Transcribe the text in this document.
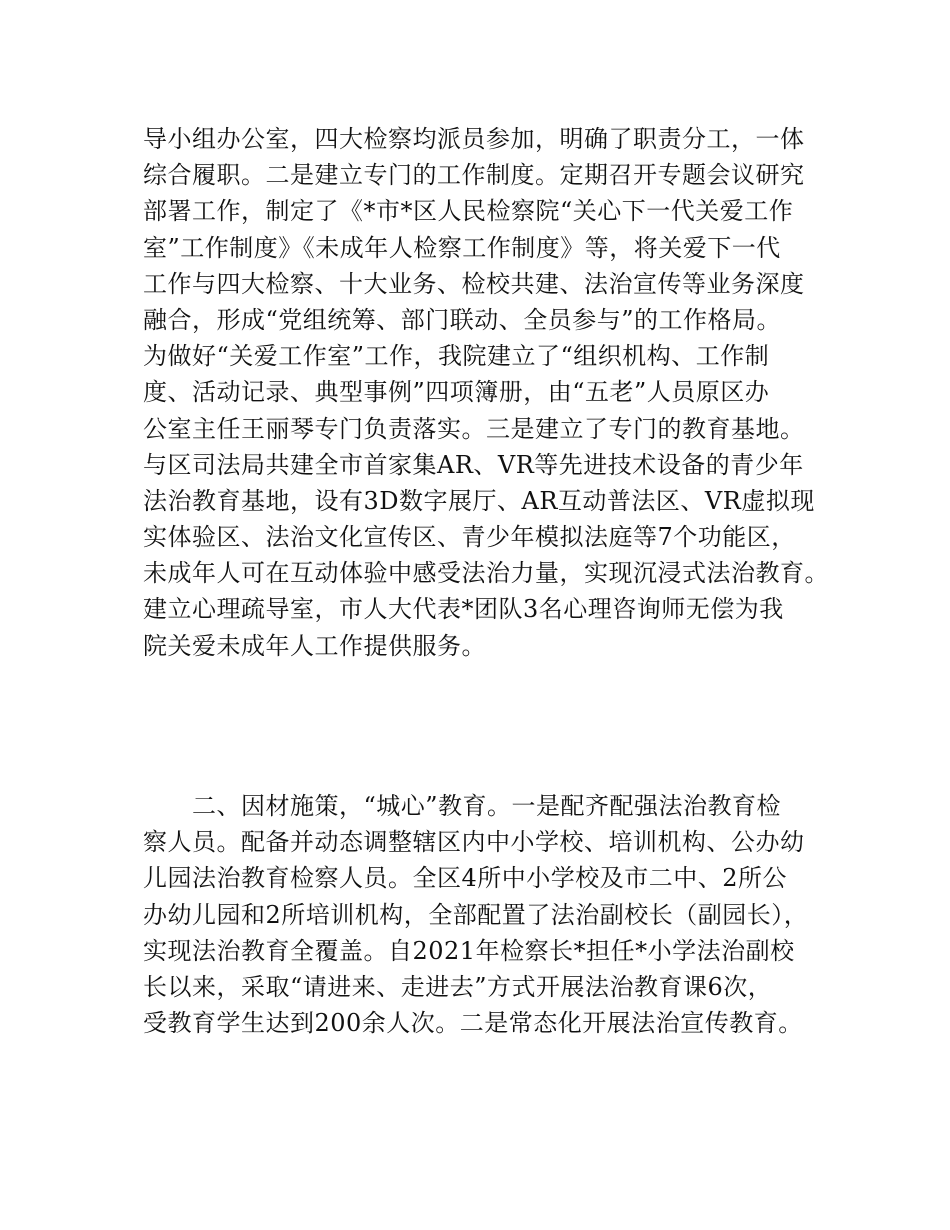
导小组办公室，四大检察均派员参加，明确了职责分工，一体
综合履职。二是建立专门的工作制度。定期召开专题会议研究
部署工作，制定了《*市*区人民检察院“关心下一代关爱工作
室”工作制度》《未成年人检察工作制度》等，将关爱下一代
工作与四大检察、十大业务、检校共建、法治宣传等业务深度
融合，形成“党组统筹、部门联动、全员参与”的工作格局。
为做好“关爱工作室”工作，我院建立了“组织机构、工作制
度、活动记录、典型事例”四项簿册，由“五老”人员原区办
公室主任王丽琴专门负责落实。三是建立了专门的教育基地。
与区司法局共建全市首家集AR、VR等先进技术设备的青少年
法治教育基地，设有3D数字展厅、AR互动普法区、VR虚拟现
实体验区、法治文化宣传区、青少年模拟法庭等7个功能区，
未成年人可在互动体验中感受法治力量，实现沉浸式法治教育。
建立心理疏导室，市人大代表*团队3名心理咨询师无偿为我
院关爱未成年人工作提供服务。
　　二、因材施策，“城心”教育。一是配齐配强法治教育检
察人员。配备并动态调整辖区内中小学校、培训机构、公办幼
儿园法治教育检察人员。全区4所中小学校及市二中、2所公
办幼儿园和2所培训机构，全部配置了法治副校长（副园长），
实现法治教育全覆盖。自2021年检察长*担任*小学法治副校
长以来，采取“请进来、走进去”方式开展法治教育课6次，
受教育学生达到200余人次。二是常态化开展法治宣传教育。
